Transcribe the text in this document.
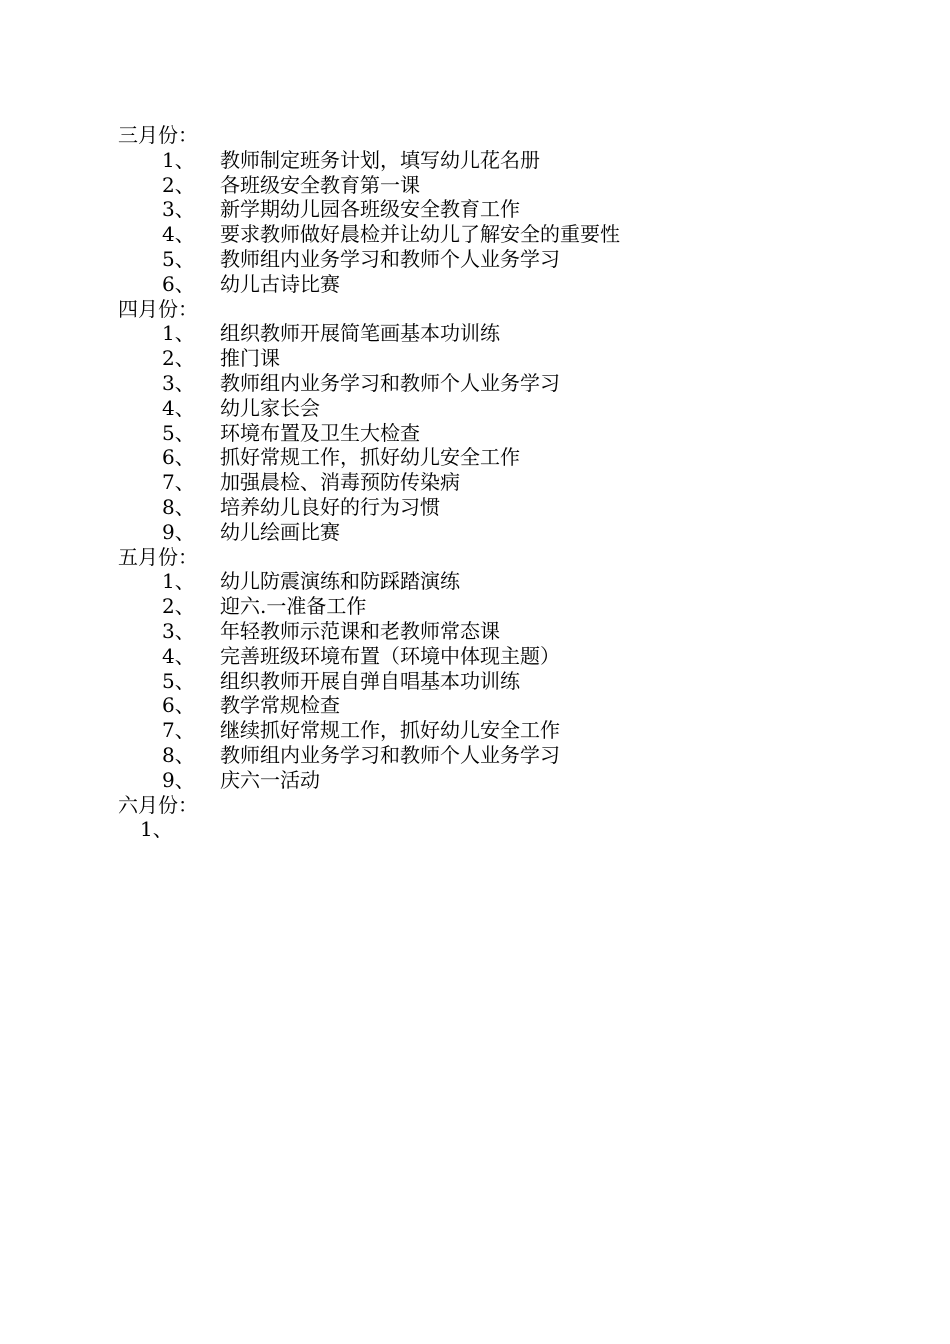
三月份：
1、 教师制定班务计划，填写幼儿花名册
2、 各班级安全教育第一课
3、 新学期幼儿园各班级安全教育工作
4、 要求教师做好晨检并让幼儿了解安全的重要性
5、 教师组内业务学习和教师个人业务学习
6、 幼儿古诗比赛
四月份：
1、 组织教师开展简笔画基本功训练
2、 推门课
3、 教师组内业务学习和教师个人业务学习
4、 幼儿家长会
5、 环境布置及卫生大检查
6、 抓好常规工作，抓好幼儿安全工作
7、 加强晨检、消毒预防传染病
8、 培养幼儿良好的行为习惯
9、 幼儿绘画比赛
五月份：
1、 幼儿防震演练和防踩踏演练
2、 迎六.一准备工作
3、 年轻教师示范课和老教师常态课
4、 完善班级环境布置（环境中体现主题）
5、 组织教师开展自弹自唱基本功训练
6、 教学常规检查
7、 继续抓好常规工作，抓好幼儿安全工作
8、 教师组内业务学习和教师个人业务学习
9、 庆六一活动
六月份：
1、
